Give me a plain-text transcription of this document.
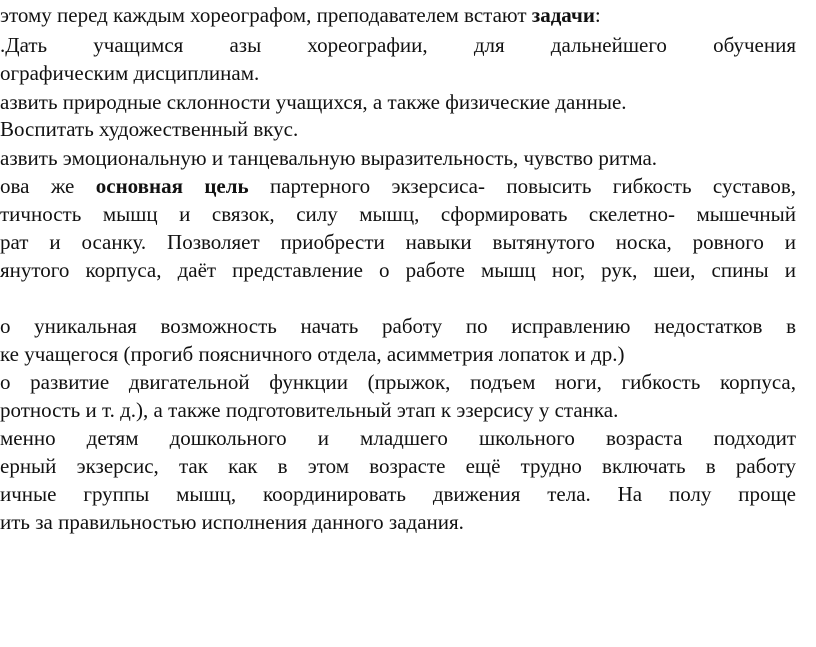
этому перед каждым хореографом, преподавателем встают задачи:
.Дать учащимся азы хореографии, для дальнейшего обучения
ографическим дисциплинам.
азвить природные склонности учащихся, а также физические данные.
Воспитать художественный вкус.
азвить эмоциональную и танцевальную выразительность, чувство ритма.
ова же основная цель партерного экзерсиса- повысить гибкость суставов,
тичность мышц и связок, силу мышц, сформировать скелетно- мышечный
рат и осанку. Позволяет приобрести навыки вытянутого носка, ровного и
янутого корпуса, даёт представление о работе мышц ног, рук, шеи, спины и
о уникальная возможность начать работу по исправлению недостатков в
ке учащегося (прогиб поясничного отдела, асимметрия лопаток и др.)
о развитие двигательной функции (прыжок, подъем ноги, гибкость корпуса,
ротность и т. д.), а также подготовительный этап к эзерсису у станка.
менно детям дошкольного и младшего школьного возраста подходит
ерный экзерсис, так как в этом возрасте ещё трудно включать в работу
ичные группы мышц, координировать движения тела. На полу проще
ить за правильностью исполнения данного задания.
